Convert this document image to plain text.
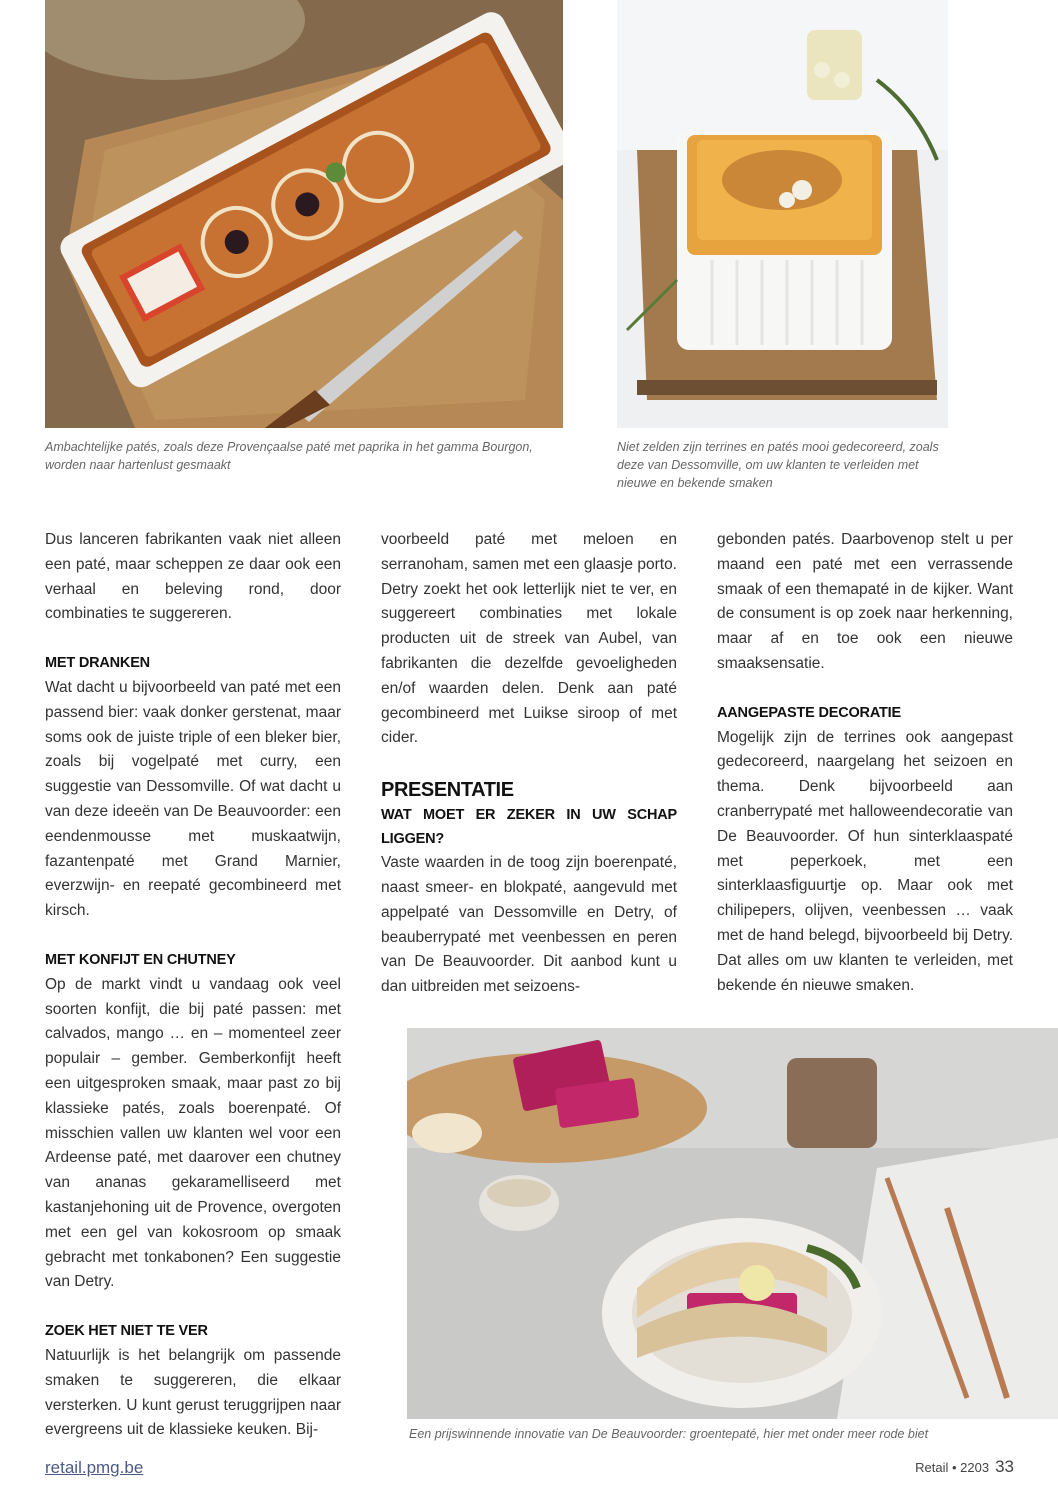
Ambachtelijke patés, zoals deze Provençaalse paté met paprika in het gamma Bourgon, worden naar hartenlust gesmaakt
Niet zelden zijn terrines en patés mooi gedecoreerd, zoals deze van Dessomville, om uw klanten te verleiden met nieuwe en bekende smaken

Dus lanceren fabrikanten vaak niet alleen een paté, maar scheppen ze daar ook een verhaal en beleving rond, door combinaties te suggereren.

MET DRANKEN

Wat dacht u bijvoorbeeld van paté met een passend bier: vaak donker gerstenat, maar soms ook de juiste triple of een bleker bier, zoals bij vogelpaté met curry, een suggestie van Dessomville. Of wat dacht u van deze ideeën van De Beauvoorder: een eendenmousse met muskaatwijn, fazantenpaté met Grand Marnier, everzwijn- en reepaté gecombineerd met kirsch.

MET KONFIJT EN CHUTNEY

Op de markt vindt u vandaag ook veel soorten konfijt, die bij paté passen: met calvados, mango … en – momenteel zeer populair – gember. Gemberkonfijt heeft een uitgesproken smaak, maar past zo bij klassieke patés, zoals boerenpaté. Of misschien vallen uw klanten wel voor een Ardeense paté, met daarover een chutney van ananas gekaramelliseerd met kastanjehoning uit de Provence, overgoten met een gel van kokosroom op smaak gebracht met tonkabonen? Een suggestie van Detry.

ZOEK HET NIET TE VER

Natuurlijk is het belangrijk om passende smaken te suggereren, die elkaar versterken. U kunt gerust teruggrijpen naar evergreens uit de klassieke keuken. Bij-

voorbeeld paté met meloen en serranoham, samen met een glaasje porto. Detry zoekt het ook letterlijk niet te ver, en suggereert combinaties met lokale producten uit de streek van Aubel, van fabrikanten die dezelfde gevoeligheden en/of waarden delen. Denk aan paté gecombineerd met Luikse siroop of met cider.

PRESENTATIE
WAT MOET ER ZEKER IN UW SCHAP LIGGEN?

Vaste waarden in de toog zijn boerenpaté, naast smeer- en blokpaté, aangevuld met appelpaté van Dessomville en Detry, of beauberrypaté met veenbessen en peren van De Beauvoorder. Dit aanbod kunt u dan uitbreiden met seizoens-

gebonden patés. Daarbovenop stelt u per maand een paté met een verrassende smaak of een themapaté in de kijker. Want de consument is op zoek naar herkenning, maar af en toe ook een nieuwe smaaksensatie.

AANGEPASTE DECORATIE

Mogelijk zijn de terrines ook aangepast gedecoreerd, naargelang het seizoen en thema. Denk bijvoorbeeld aan cranberrypaté met halloweendecoratie van De Beauvoorder. Of hun sinterklaaspaté met peperkoek, met een sinterklaasfiguurtje op. Maar ook met chilipepers, olijven, veenbessen … vaak met de hand belegd, bijvoorbeeld bij Detry. Dat alles om uw klanten te verleiden, met bekende én nieuwe smaken.

Een prijswinnende innovatie van De Beauvoorder: groentepaté, hier met onder meer rode biet
retail.pmg.be	Retail • 2203 33
